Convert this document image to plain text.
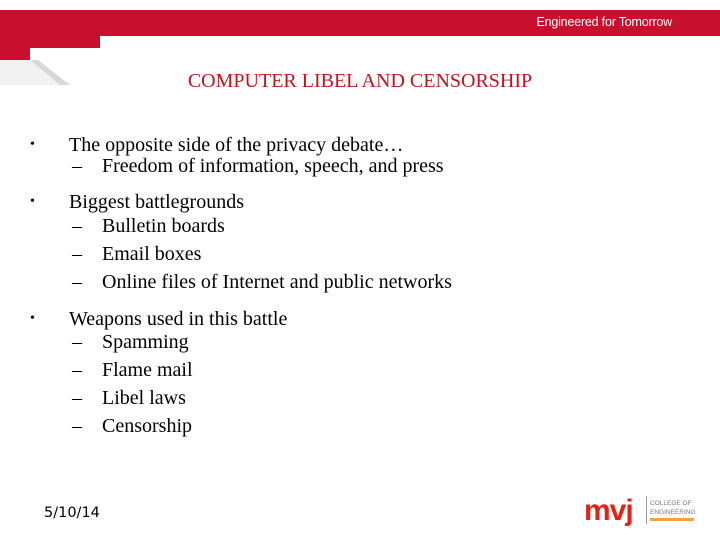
Engineered for Tomorrow
COMPUTER LIBEL AND CENSORSHIP
• The opposite side of the privacy debate…
– Freedom of information, speech, and press
• Biggest battlegrounds
– Bulletin boards
– Email boxes
– Online files of Internet and public networks
• Weapons used in this battle
– Spamming
– Flame mail
– Libel laws
– Censorship
5/10/14	mvj	COLLEGE OF
ENGINEERING
